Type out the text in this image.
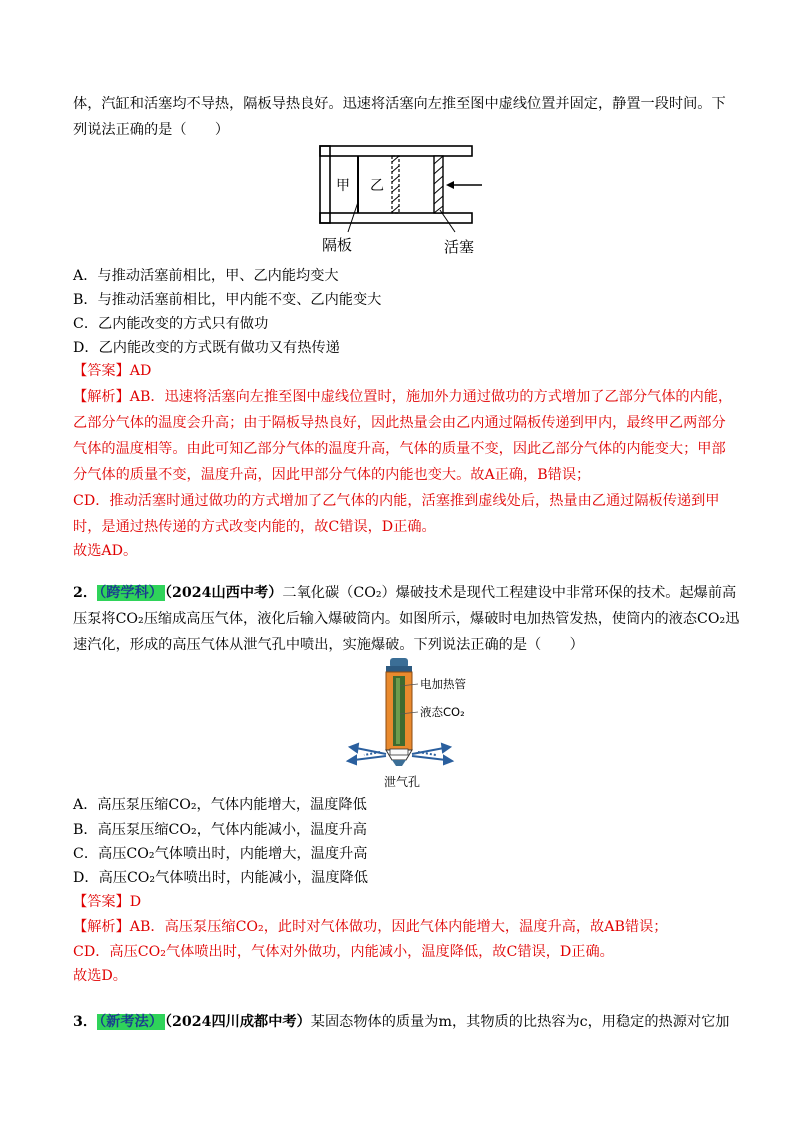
体，汽缸和活塞均不导热，隔板导热良好。迅速将活塞向左推至图中虚线位置并固定，静置一段时间。下
列说法正确的是（　　）
甲 乙
隔板	活塞
A．与推动活塞前相比，甲、乙内能均变大
B．与推动活塞前相比，甲内能不变、乙内能变大
C．乙内能改变的方式只有做功
D．乙内能改变的方式既有做功又有热传递
【答案】AD
【解析】AB．迅速将活塞向左推至图中虚线位置时，施加外力通过做功的方式增加了乙部分气体的内能，
乙部分气体的温度会升高；由于隔板导热良好，因此热量会由乙内通过隔板传递到甲内，最终甲乙两部分
气体的温度相等。由此可知乙部分气体的温度升高，气体的质量不变，因此乙部分气体的内能变大；甲部
分气体的质量不变，温度升高，因此甲部分气体的内能也变大。故A正确，B错误；
CD．推动活塞时通过做功的方式增加了乙气体的内能，活塞推到虚线处后，热量由乙通过隔板传递到甲
时，是通过热传递的方式改变内能的，故C错误，D正确。
故选AD。
2． （跨学科） （2024山西中考）二氧化碳（CO₂）爆破技术是现代工程建设中非常环保的技术。起爆前高
压泵将CO₂压缩成高压气体，液化后输入爆破筒内。如图所示，爆破时电加热管发热，使筒内的液态CO₂迅
速汽化，形成的高压气体从泄气孔中喷出，实施爆破。下列说法正确的是（　　）
电加热管
液态CO₂
泄气孔
A．高压泵压缩CO₂，气体内能增大，温度降低
B．高压泵压缩CO₂，气体内能减小，温度升高
C．高压CO₂气体喷出时，内能增大，温度升高
D．高压CO₂气体喷出时，内能减小，温度降低
【答案】D
【解析】AB．高压泵压缩CO₂，此时对气体做功，因此气体内能增大，温度升高，故AB错误；
CD．高压CO₂气体喷出时，气体对外做功，内能减小，温度降低，故C错误，D正确。
故选D。
3． （新考法） （2024四川成都中考）某固态物体的质量为m，其物质的比热容为c，用稳定的热源对它加
